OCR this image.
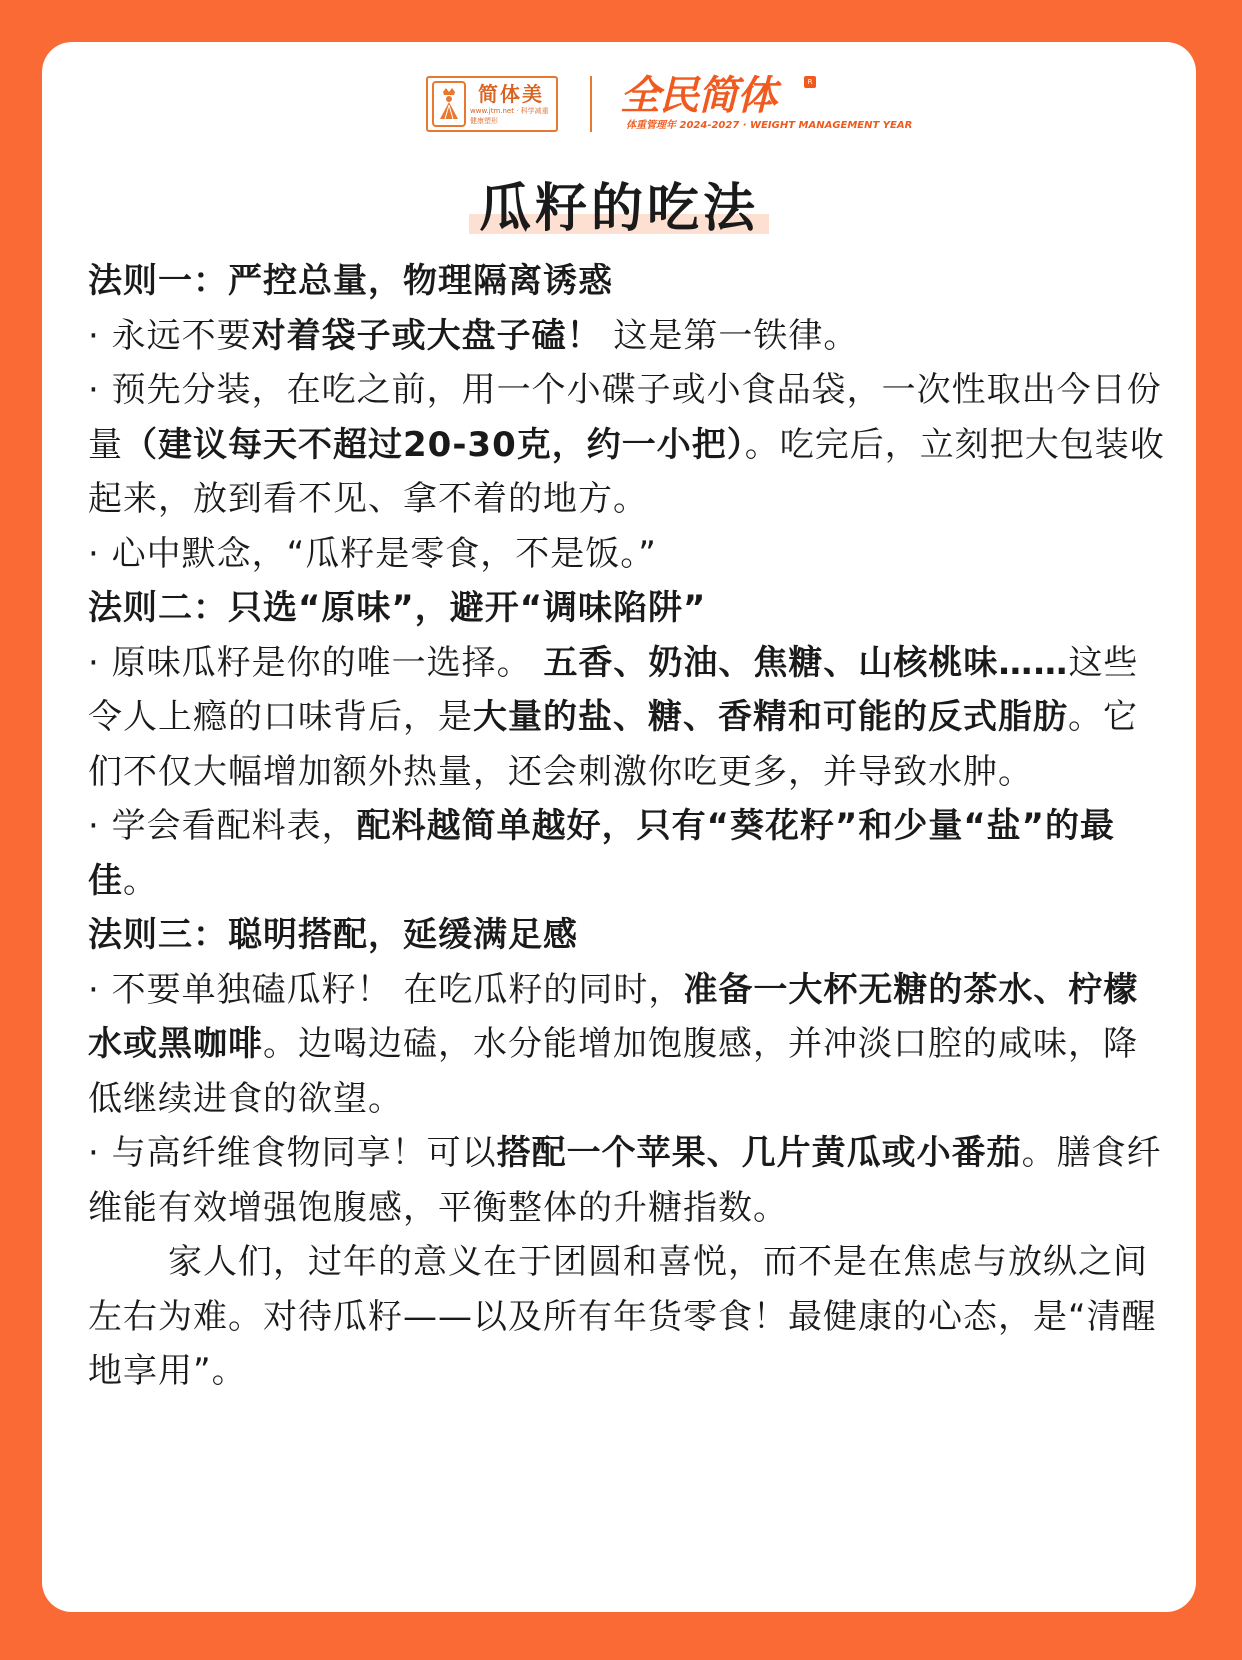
简体美
www.jtm.net · 科学减重 健康塑形
全民简体	R
体重管理年 2024-2027 · WEIGHT MANAGEMENT YEAR
瓜籽的吃法

法则一：严控总量，物理隔离诱惑

· 永远不要对着袋子或大盘子磕！ 这是第一铁律。

· 预先分装，在吃之前，用一个小碟子或小食品袋，一次性取出今日份量（建议每天不超过20-30克，约一小把）。吃完后，立刻把大包装收起来，放到看不见、拿不着的地方。

· 心中默念，“瓜籽是零食，不是饭。”

法则二：只选“原味”，避开“调味陷阱”

· 原味瓜籽是你的唯一选择。 五香、奶油、焦糖、山核桃味……这些令人上瘾的口味背后，是大量的盐、糖、香精和可能的反式脂肪。它们不仅大幅增加额外热量，还会刺激你吃更多，并导致水肿。

· 学会看配料表，配料越简单越好，只有“葵花籽”和少量“盐”的最佳。

法则三：聪明搭配，延缓满足感

· 不要单独磕瓜籽！ 在吃瓜籽的同时，准备一大杯无糖的茶水、柠檬水或黑咖啡。边喝边磕，水分能增加饱腹感，并冲淡口腔的咸味，降低继续进食的欲望。

· 与高纤维食物同享！可以搭配一个苹果、几片黄瓜或小番茄。膳食纤维能有效增强饱腹感，平衡整体的升糖指数。

家人们，过年的意义在于团圆和喜悦，而不是在焦虑与放纵之间左右为难。对待瓜籽——以及所有年货零食！最健康的心态，是“清醒地享用”。
